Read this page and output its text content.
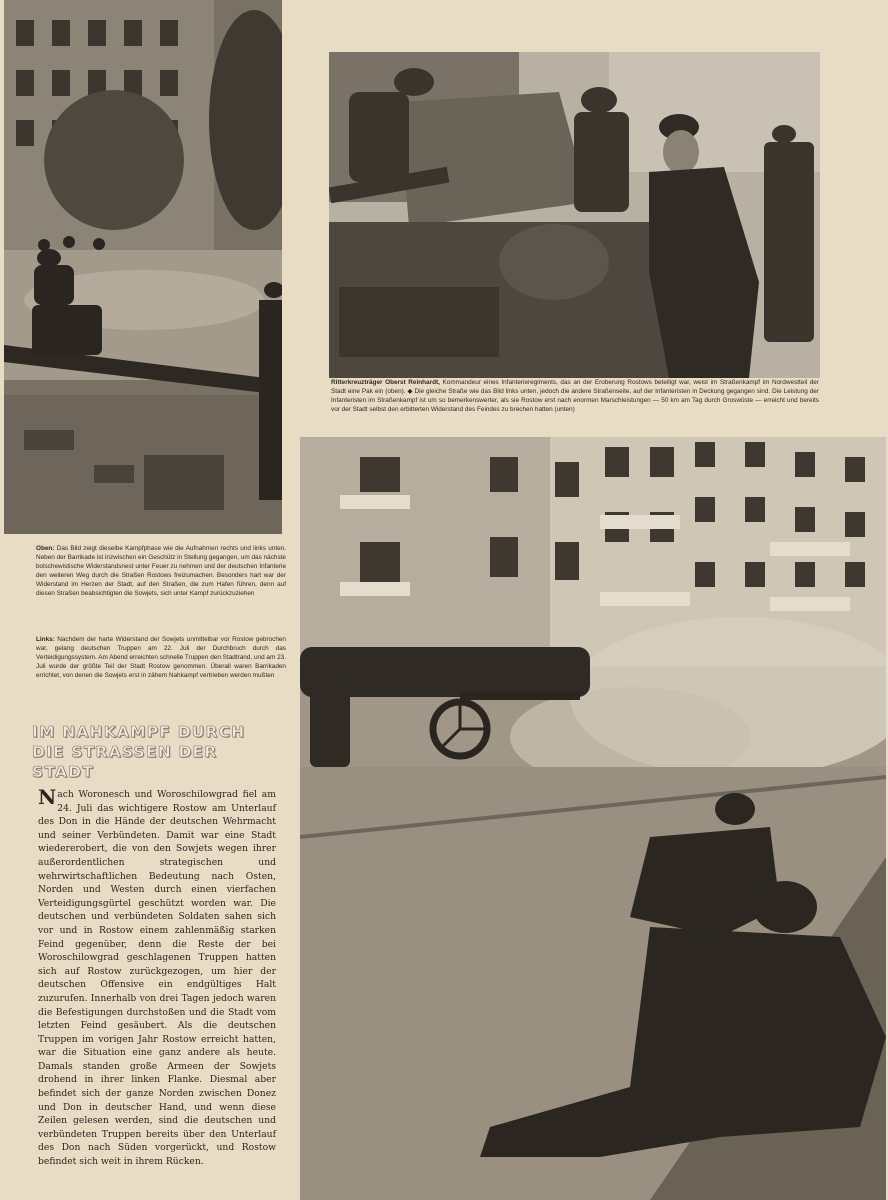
Ritterkreuzträger Oberst Reinhardt, Kommandeur eines Infanterieregiments, das an der Eroberung Rostows beteiligt war, weist im Straßenkampf im Nordwestteil der Stadt eine Pak ein (oben). ◆ Die gleiche Straße wie das Bild links unten, jedoch die andere Straßenseite, auf der Infanteristen in Deckung gegangen sind. Die Leistung der Infanteristen im Straßenkampf ist um so bemerkenswerter, als sie Rostow erst nach enormen Marschleistungen — 50 km am Tag durch Groswüste — erreicht und bereits vor der Stadt selbst den erbitterten Widerstand des Feindes zu brechen hatten (unten)
Oben: Das Bild zeigt dieselbe Kampfphase wie die Aufnahmen rechts und links unten. Neben der Barrikade ist inzwischen ein Geschütz in Stellung gegangen, um das nächste bolschewistische Widerstandsnest unter Feuer zu nehmen und der deutschen Infanterie den weiteren Weg durch die Straßen Rostows freizumachen. Besonders hart war der Widerstand im Herzen der Stadt, auf den Straßen, die zum Hafen führen, denn auf diesen Straßen beabsichtigten die Sowjets, sich unter Kampf zurückzuziehen
Links: Nachdem der harte Widerstand der Sowjets unmittelbar vor Rostow gebrochen war, gelang deutschen Truppen am 22. Juli der Durchbruch durch das Verteidigungssystem. Am Abend erreichten schnelle Truppen den Stadtrand, und am 23. Juli wurde der größte Teil der Stadt Rostow genommen. Überall waren Barrikaden errichtet, von denen die Sowjets erst in zähem Nahkampf vertrieben werden mußten
IM NAHKAMPF DURCH
DIE STRASSEN DER STADT
Nach Woronesch und Woroschilowgrad fiel am 24. Juli das wichtigere Rostow am Unterlauf des Don in die Hände der deutschen Wehrmacht und seiner Verbündeten. Damit war eine Stadt wiedererobert, die von den Sowjets wegen ihrer außerordentlichen strategischen und wehrwirtschaftlichen Bedeutung nach Osten, Norden und Westen durch einen vierfachen Verteidigungsgürtel geschützt worden war. Die deutschen und verbündeten Soldaten sahen sich vor und in Rostow einem zahlenmäßig starken Feind gegenüber, denn die Reste der bei Woroschilowgrad geschlagenen Truppen hatten sich auf Rostow zurückgezogen, um hier der deutschen Offensive ein endgültiges Halt zuzurufen. Innerhalb von drei Tagen jedoch waren die Befestigungen durchstoßen und die Stadt vom letzten Feind gesäubert. Als die deutschen Truppen im vorigen Jahr Rostow erreicht hatten, war die Situation eine ganz andere als heute. Damals standen große Armeen der Sowjets drohend in ihrer linken Flanke. Diesmal aber befindet sich der ganze Norden zwischen Donez und Don in deutscher Hand, und wenn diese Zeilen gelesen werden, sind die deutschen und verbündeten Truppen bereits über den Unterlauf des Don nach Süden vorgerückt, und Rostow befindet sich weit in ihrem Rücken.
